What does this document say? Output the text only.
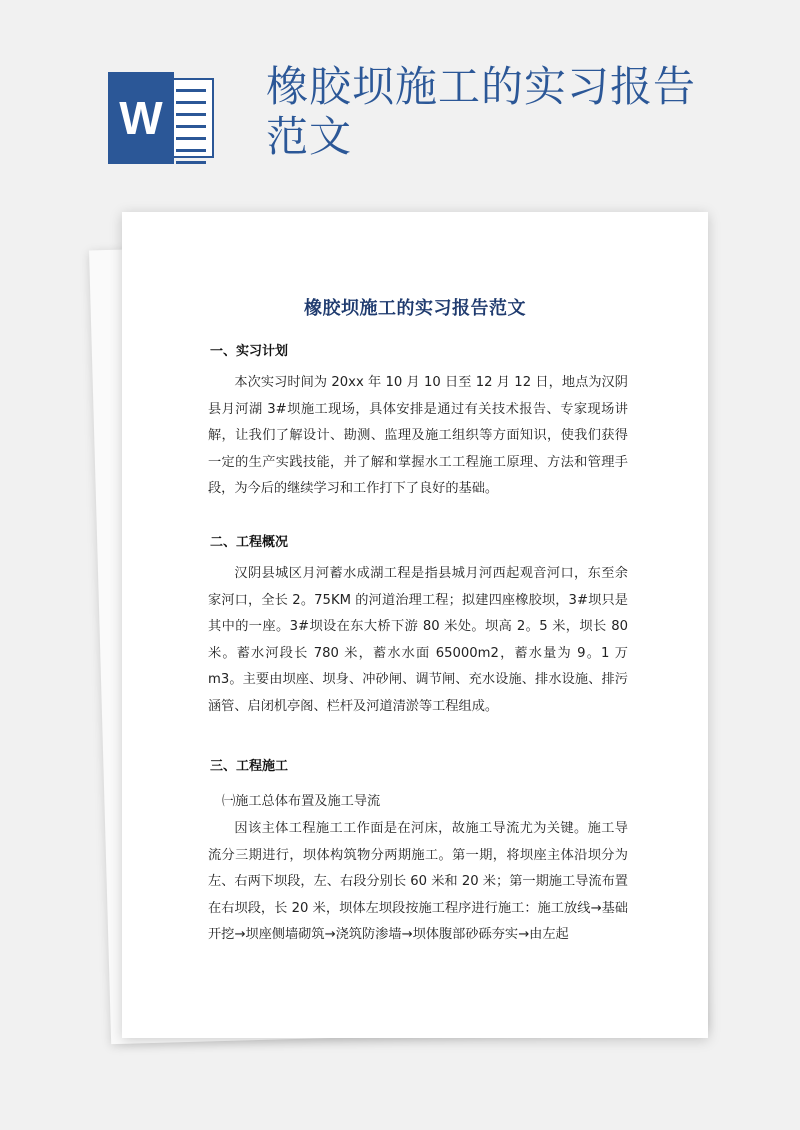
W
橡胶坝施工的实习报告范文
橡胶坝施工的实习报告范文
一、实习计划

本次实习时间为 20xx 年 10 月 10 日至 12 月 12 日，地点为汉阴县月河湖 3#坝施工现场，具体安排是通过有关技术报告、专家现场讲解，让我们了解设计、勘测、监理及施工组织等方面知识，使我们获得一定的生产实践技能，并了解和掌握水工工程施工原理、方法和管理手段，为今后的继续学习和工作打下了良好的基础。

二、工程概况

汉阴县城区月河蓄水成湖工程是指县城月河西起观音河口，东至余家河口，全长 2。75KM 的河道治理工程；拟建四座橡胶坝，3#坝只是其中的一座。3#坝设在东大桥下游 80 米处。坝高 2。5 米，坝长 80 米。蓄水河段长 780 米，蓄水水面 65000m2，蓄水量为 9。1 万 m3。主要由坝座、坝身、冲砂闸、调节闸、充水设施、排水设施、排污涵管、启闭机亭阁、栏杆及河道清淤等工程组成。

三、工程施工
㈠施工总体布置及施工导流

因该主体工程施工工作面是在河床，故施工导流尤为关键。施工导流分三期进行，坝体构筑物分两期施工。第一期，将坝座主体沿坝分为左、右两下坝段，左、右段分别长 60 米和 20 米；第一期施工导流布置在右坝段，长 20 米，坝体左坝段按施工程序进行施工：施工放线→基础开挖→坝座侧墙砌筑→浇筑防渗墙→坝体腹部砂砾夯实→由左起
